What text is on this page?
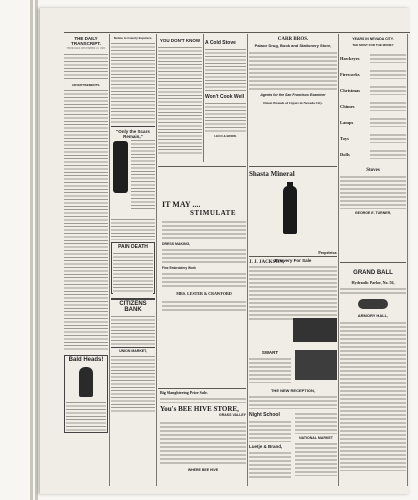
THE DAILY TRANSCRIPT.
THURSDAY, DECEMBER 10, 1885.
ADVERTISEMENTS.
Bald Heads!
Notice to County Inquirers.
"Only the Scars Remain,"
PAIN DEATH
CITIZENS BANK
UNION MARKET,
YOU DON'T KNOW A Cold Stove
Won't Cook Well
LECO & BROW.
IT MAY ....
STIMULATE
DRESS MAKING,
Fine Embroidery Work
MRS. LESTER & CRAWFORD
Big Slaughtering Prize Sale.
You's BEE HIVE STORE,
GRASS VALLEY
WHERE BEE HIVE
CARR BROS.
Palace Drug, Book and Stationery Store,
Agents for the San Francisco Examiner
Finest Brands of Cigars in Nevada City.
Shasta Mineral
J. J. JACKSON,
Proprietor.
Brewery For Sale
SWART
THE NEW RECEPTION,
Night School
Luetje & Brand,
NATIONAL MARKET
YEARS IN NEVADA CITY.
THE MOST FOR THE MONEY
Hawkeyes
Fireworks
Christmas
Chimes
Lamps
Toys
Dolls
Stoves
GEORGE E. TURNER,
GRAND BALL
Hydraulic Parlor, No. 56,
ARMORY HALL,
